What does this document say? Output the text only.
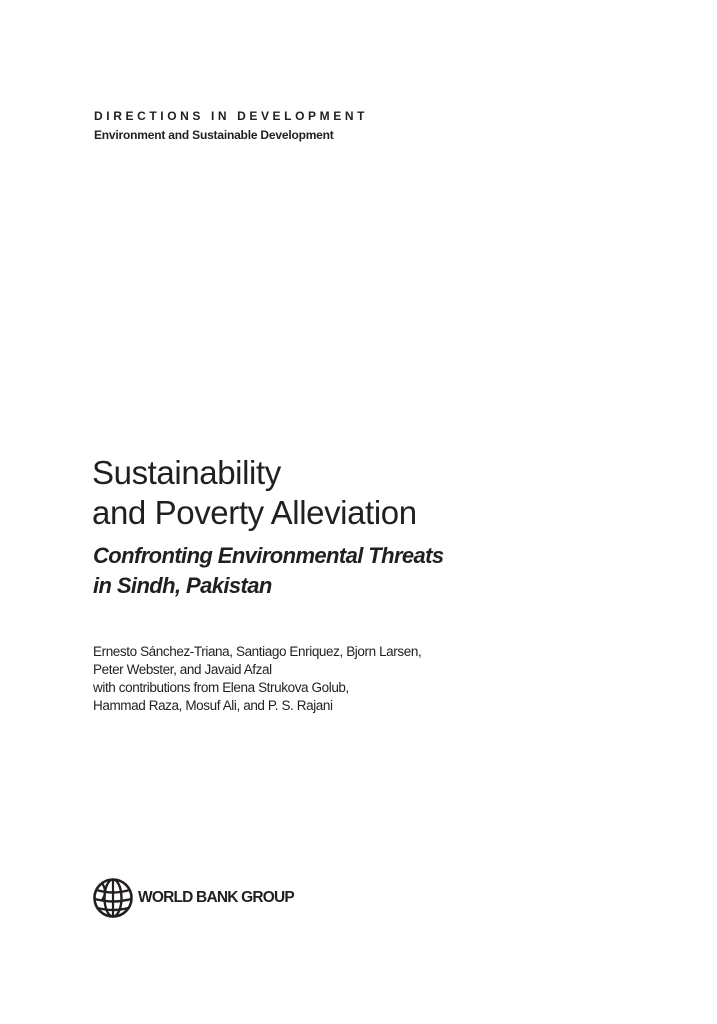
DIRECTIONS IN DEVELOPMENT
Environment and Sustainable Development
Sustainability
and Poverty Alleviation
Confronting Environmental Threats
in Sindh, Pakistan
Ernesto Sánchez-Triana, Santiago Enriquez, Bjorn Larsen,
Peter Webster, and Javaid Afzal
with contributions from Elena Strukova Golub,
Hammad Raza, Mosuf Ali, and P. S. Rajani
WORLD BANK GROUP
